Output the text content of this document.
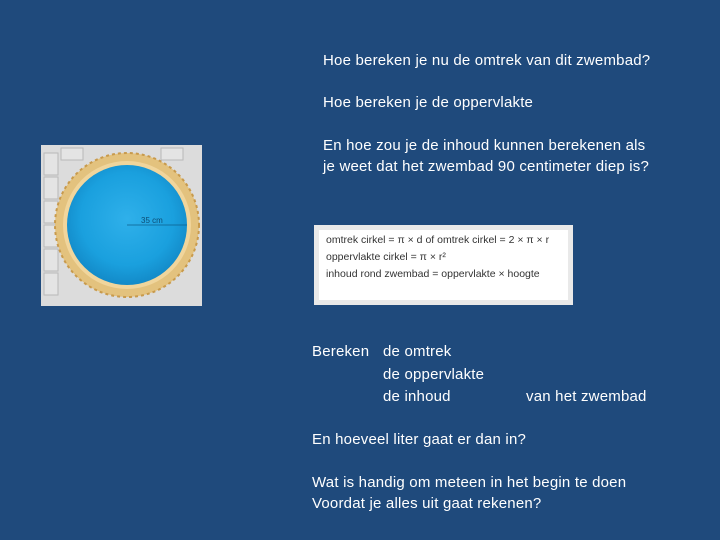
Hoe bereken je nu de omtrek van dit zwembad?
Hoe bereken je de oppervlakte
En hoe zou je de inhoud kunnen berekenen als
je weet dat het zwembad 90 centimeter diep is?
35 cm
omtrek cirkel = π × d of omtrek cirkel = 2 × π × r
oppervlakte cirkel = π × r²
inhoud rond zwembad = oppervlakte × hoogte
Bereken de omtrek
de oppervlakte
de inhoud	van het zwembad
En hoeveel liter gaat er dan in?
Wat is handig om meteen in het begin te doen
Voordat je alles uit gaat rekenen?
